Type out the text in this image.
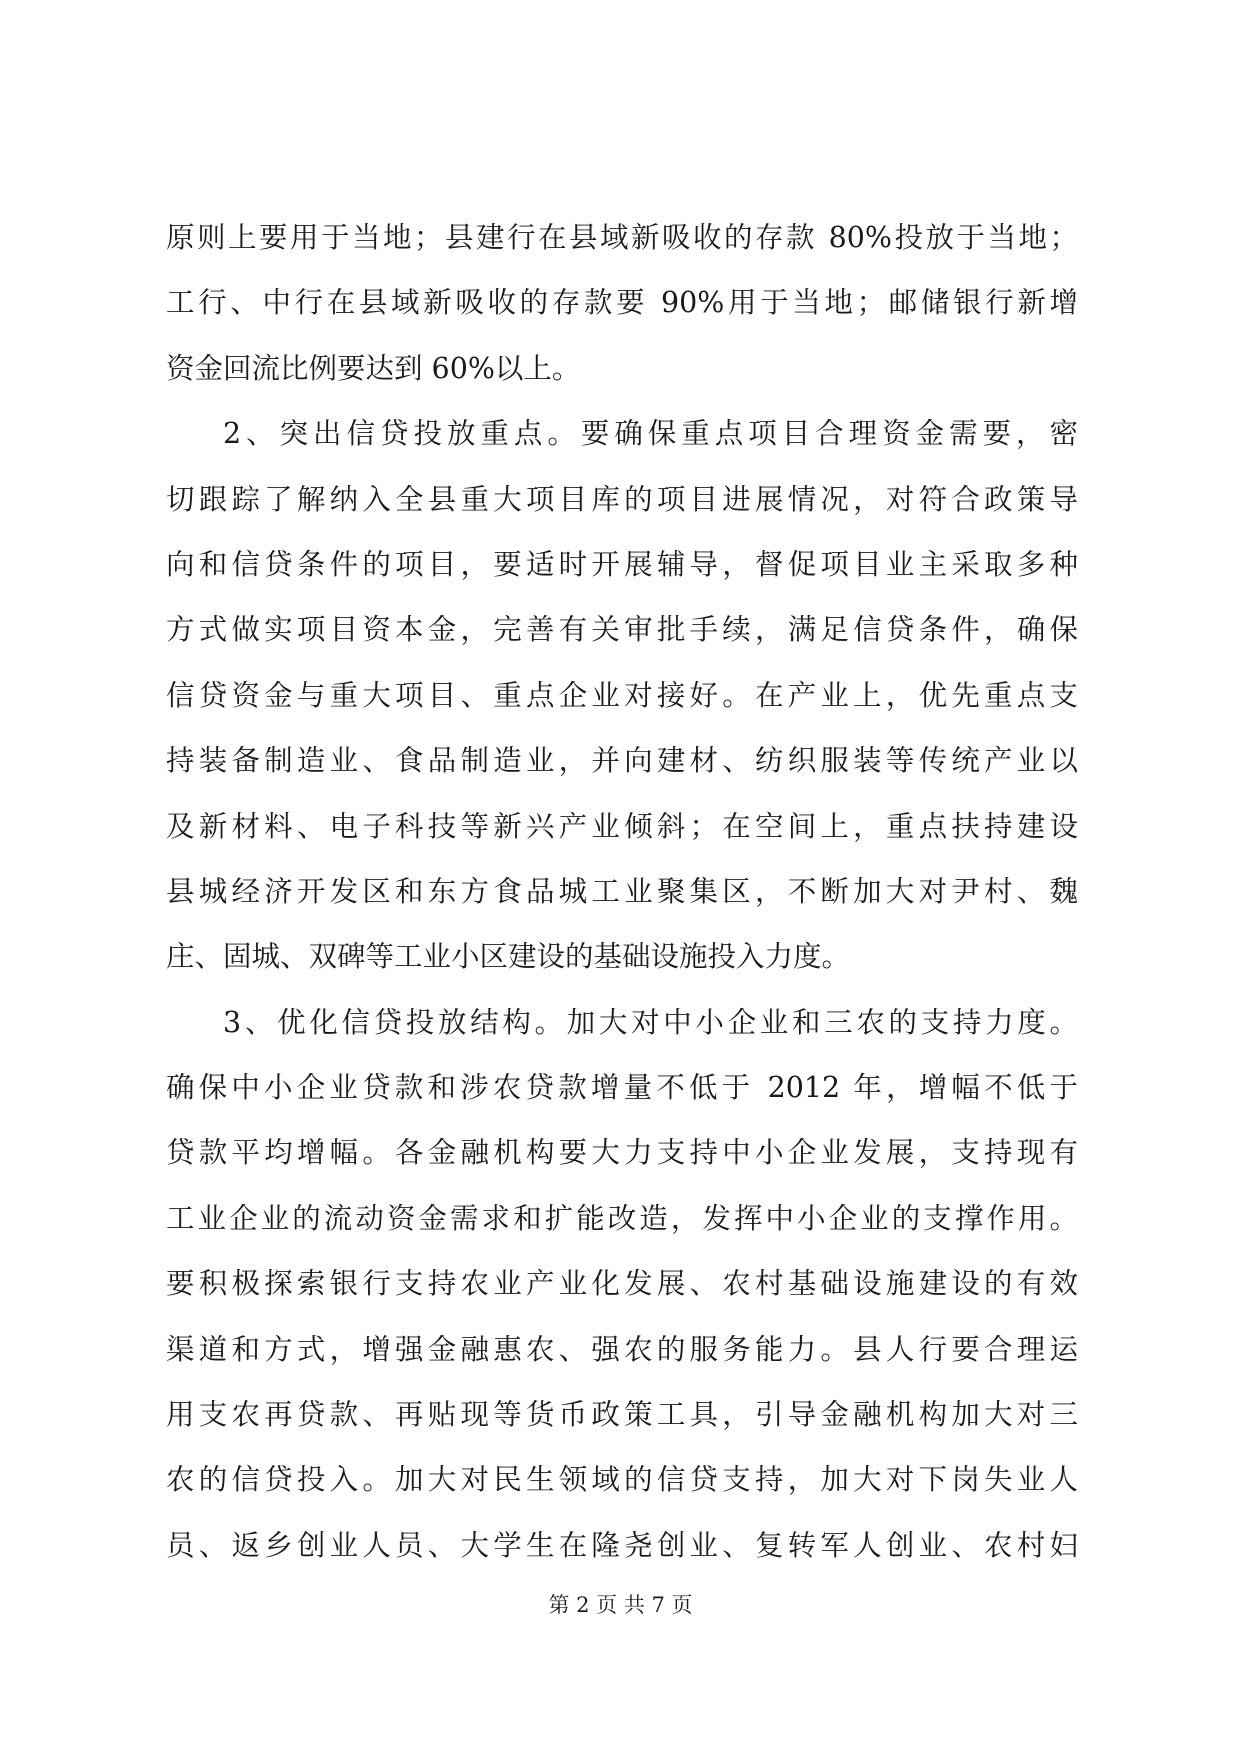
原则上要用于当地；县建行在县域新吸收的存款 80%投放于当地；
工行、中行在县域新吸收的存款要 90%用于当地；邮储银行新增
资金回流比例要达到 60%以上。
2、突出信贷投放重点。要确保重点项目合理资金需要，密
切跟踪了解纳入全县重大项目库的项目进展情况，对符合政策导
向和信贷条件的项目，要适时开展辅导，督促项目业主采取多种
方式做实项目资本金，完善有关审批手续，满足信贷条件，确保
信贷资金与重大项目、重点企业对接好。在产业上，优先重点支
持装备制造业、食品制造业，并向建材、纺织服装等传统产业以
及新材料、电子科技等新兴产业倾斜；在空间上，重点扶持建设
县城经济开发区和东方食品城工业聚集区，不断加大对尹村、魏
庄、固城、双碑等工业小区建设的基础设施投入力度。
3、优化信贷投放结构。加大对中小企业和三农的支持力度。
确保中小企业贷款和涉农贷款增量不低于 2012 年，增幅不低于
贷款平均增幅。各金融机构要大力支持中小企业发展，支持现有
工业企业的流动资金需求和扩能改造，发挥中小企业的支撑作用。
要积极探索银行支持农业产业化发展、农村基础设施建设的有效
渠道和方式，增强金融惠农、强农的服务能力。县人行要合理运
用支农再贷款、再贴现等货币政策工具，引导金融机构加大对三
农的信贷投入。加大对民生领域的信贷支持，加大对下岗失业人
员、返乡创业人员、大学生在隆尧创业、复转军人创业、农村妇
第 2 页 共 7 页
